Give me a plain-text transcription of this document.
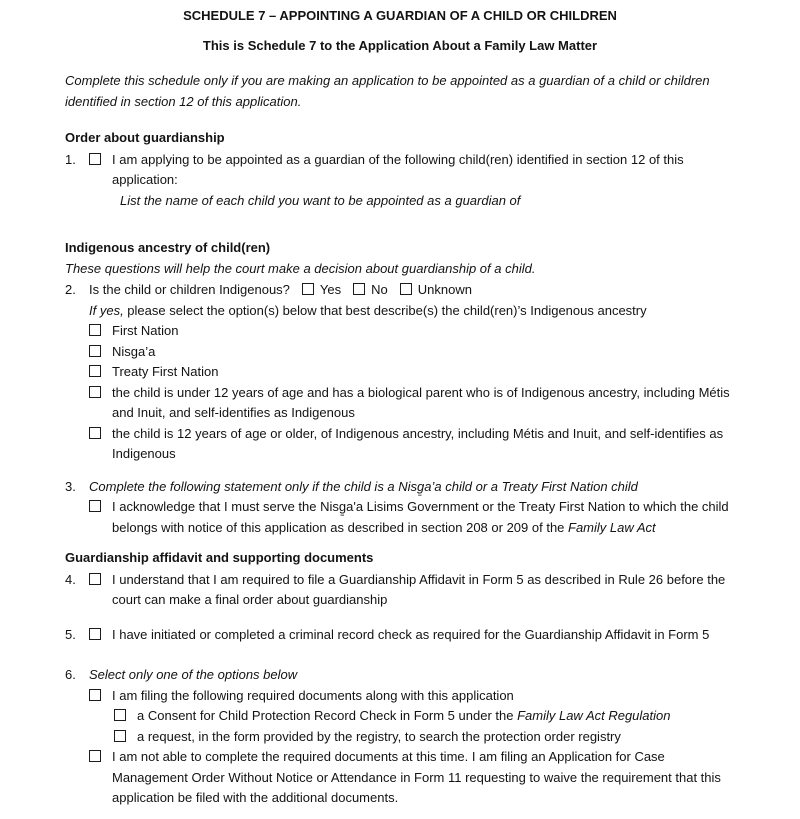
SCHEDULE 7 – APPOINTING A GUARDIAN OF A CHILD OR CHILDREN
This is Schedule 7 to the Application About a Family Law Matter
Complete this schedule only if you are making an application to be appointed as a guardian of a child or children identified in section 12 of this application.
Order about guardianship
1.	I am applying to be appointed as a guardian of the following child(ren) identified in section 12 of this application:
List the name of each child you want to be appointed as a guardian of
Indigenous ancestry of child(ren)
These questions will help the court make a decision about guardianship of a child.
2.	Is the child or children Indigenous? Yes No Unknown
If yes, please select the option(s) below that best describe(s) the child(ren)’s Indigenous ancestry
First Nation
Nisga’a
Treaty First Nation
the child is under 12 years of age and has a biological parent who is of Indigenous ancestry, including Métis and Inuit, and self-identifies as Indigenous
the child is 12 years of age or older, of Indigenous ancestry, including Métis and Inuit, and self-identifies as Indigenous
3.	Complete the following statement only if the child is a Nisg̱a’a child or a Treaty First Nation child
I acknowledge that I must serve the Nisg̱a'a Lisims Government or the Treaty First Nation to which the child belongs with notice of this application as described in section 208 or 209 of the Family Law Act
Guardianship affidavit and supporting documents
4.	I understand that I am required to file a Guardianship Affidavit in Form 5 as described in Rule 26 before the court can make a final order about guardianship
5.	I have initiated or completed a criminal record check as required for the Guardianship Affidavit in Form 5
6.	Select only one of the options below
I am filing the following required documents along with this application
a Consent for Child Protection Record Check in Form 5 under the Family Law Act Regulation
a request, in the form provided by the registry, to search the protection order registry
I am not able to complete the required documents at this time. I am filing an Application for Case Management Order Without Notice or Attendance in Form 11 requesting to waive the requirement that this application be filed with the additional documents.
